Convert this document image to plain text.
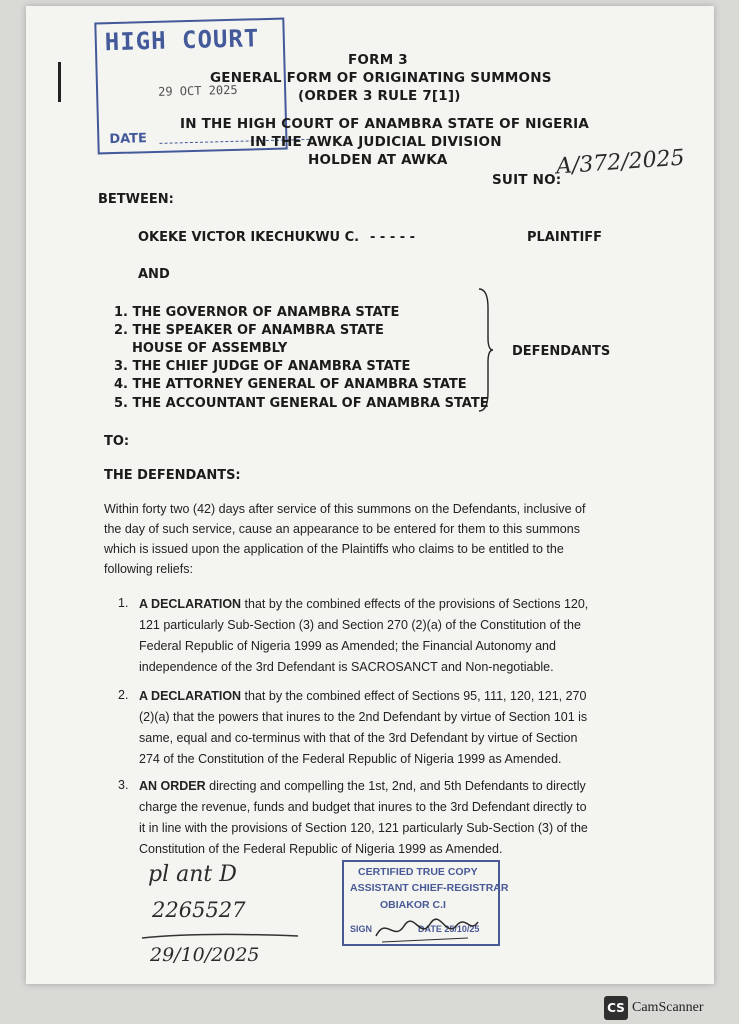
HIGH COURT
29 OCT 2025
DATE
FORM 3
GENERAL FORM OF ORIGINATING SUMMONS
(ORDER 3 RULE 7[1])
IN THE HIGH COURT OF ANAMBRA STATE OF NIGERIA
IN THE AWKA JUDICIAL DIVISION
HOLDEN AT AWKA
SUIT NO:
A/372/2025
BETWEEN:
OKEKE VICTOR IKECHUKWU C. - - - - -	PLAINTIFF
AND
1. THE GOVERNOR OF ANAMBRA STATE
2. THE SPEAKER OF ANAMBRA STATE
HOUSE OF ASSEMBLY
3. THE CHIEF JUDGE OF ANAMBRA STATE
4. THE ATTORNEY GENERAL OF ANAMBRA STATE
5. THE ACCOUNTANT GENERAL OF ANAMBRA STATE
DEFENDANTS
TO:
THE DEFENDANTS:
Within forty two (42) days after service of this summons on the Defendants, inclusive of
the day of such service, cause an appearance to be entered for them to this summons
which is issued upon the application of the Plaintiffs who claims to be entitled to the
following reliefs:
1. A DECLARATION that by the combined effects of the provisions of Sections 120,
121 particularly Sub-Section (3) and Section 270 (2)(a) of the Constitution of the
Federal Republic of Nigeria 1999 as Amended; the Financial Autonomy and
independence of the 3rd Defendant is SACROSANCT and Non-negotiable.
2. A DECLARATION that by the combined effect of Sections 95, 111, 120, 121, 270
(2)(a) that the powers that inures to the 2nd Defendant by virtue of Section 101 is
same, equal and co-terminus with that of the 3rd Defendant by virtue of Section
274 of the Constitution of the Federal Republic of Nigeria 1999 as Amended.
3. AN ORDER directing and compelling the 1st, 2nd, and 5th Defendants to directly
charge the revenue, funds and budget that inures to the 3rd Defendant directly to
it in line with the provisions of Section 120, 121 particularly Sub-Section (3) of the
Constitution of the Federal Republic of Nigeria 1999 as Amended.
pl ant D
2265527
29/10/2025
CERTIFIED TRUE COPY
ASSISTANT CHIEF-REGISTRAR
OBIAKOR C.I
SIGN	DATE 25/10/25
CS CamScanner
